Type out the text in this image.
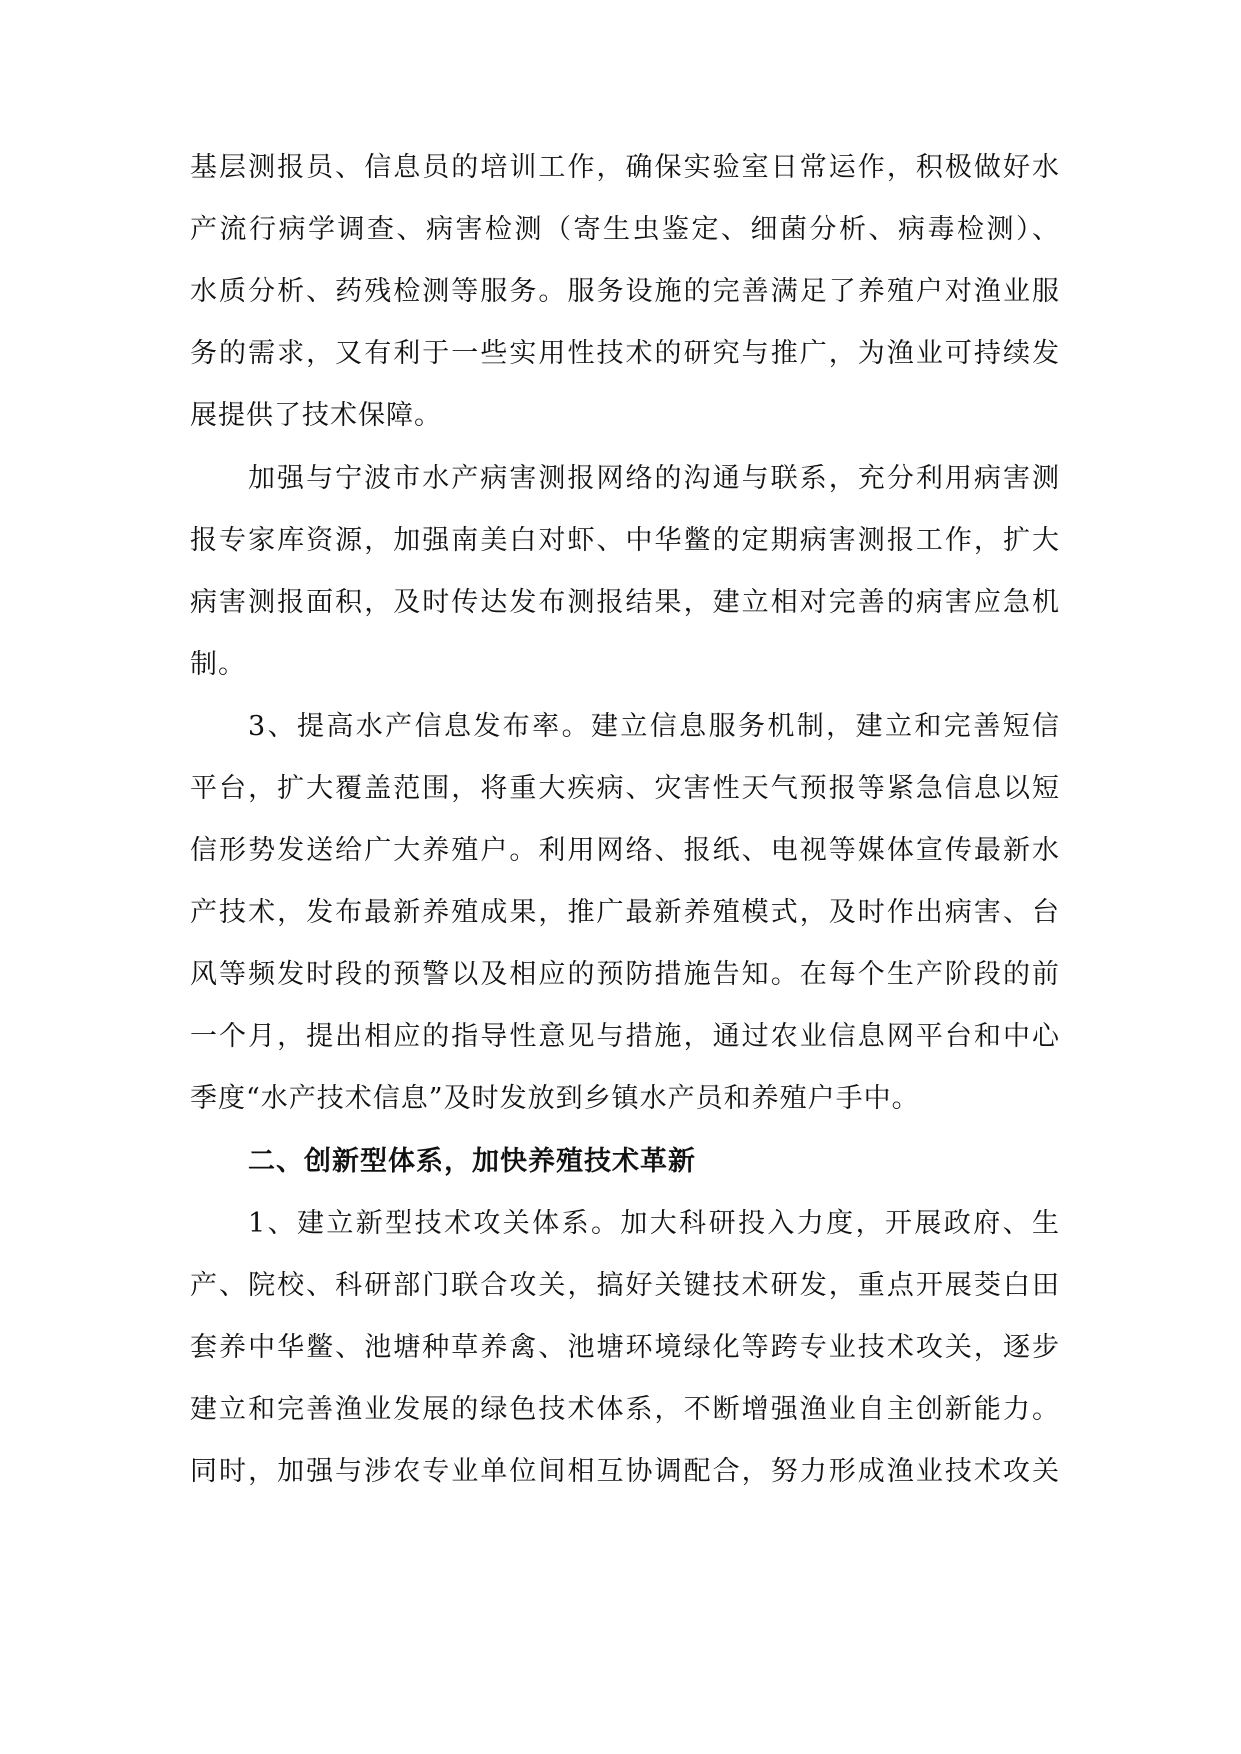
基层测报员、信息员的培训工作，确保实验室日常运作，积极做好水
产流行病学调查、病害检测（寄生虫鉴定、细菌分析、病毒检测）、
水质分析、药残检测等服务。服务设施的完善满足了养殖户对渔业服
务的需求，又有利于一些实用性技术的研究与推广，为渔业可持续发
展提供了技术保障。
加强与宁波市水产病害测报网络的沟通与联系，充分利用病害测
报专家库资源，加强南美白对虾、中华鳖的定期病害测报工作，扩大
病害测报面积，及时传达发布测报结果，建立相对完善的病害应急机
制。
3、提高水产信息发布率。建立信息服务机制，建立和完善短信
平台，扩大覆盖范围，将重大疾病、灾害性天气预报等紧急信息以短
信形势发送给广大养殖户。利用网络、报纸、电视等媒体宣传最新水
产技术，发布最新养殖成果，推广最新养殖模式，及时作出病害、台
风等频发时段的预警以及相应的预防措施告知。在每个生产阶段的前
一个月，提出相应的指导性意见与措施，通过农业信息网平台和中心
季度“水产技术信息”及时发放到乡镇水产员和养殖户手中。
二、创新型体系，加快养殖技术革新
1、建立新型技术攻关体系。加大科研投入力度，开展政府、生
产、院校、科研部门联合攻关，搞好关键技术研发，重点开展茭白田
套养中华鳖、池塘种草养禽、池塘环境绿化等跨专业技术攻关，逐步
建立和完善渔业发展的绿色技术体系，不断增强渔业自主创新能力。
同时，加强与涉农专业单位间相互协调配合，努力形成渔业技术攻关
